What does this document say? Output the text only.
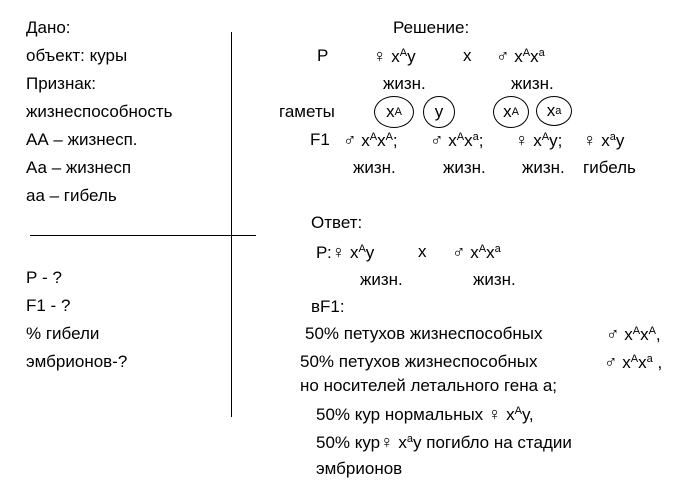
Дано:
объект: куры
Признак:
жизнеспособность
АА – жизнесп.
Аа – жизнесп
аа – гибель
Р - ?
F1 - ?
% гибели
эмбрионов-?
Решение:
Р ♀ $х^Ау$	х ♂ $х^Ах^а$
жизн.	жизн.
гаметы	х А у	х А х а
F1 ♂ $х^Ах^А$; ♂ $х^Ах^а$; ♀ $х^Ау$; ♀ $х^ау$
жизн.	жизн. жизн. гибель
Ответ:
Р:♀ $х^Ау$	х ♂ $х^Ах^а$
жизн.	жизн.
вF1:
50% петухов жизнеспособных	♂ $х^Ах^А$,
50% петухов жизнеспособных	♂ $х^Ах^а$ ,
но носителей летального гена а;
50% кур нормальных ♀ $х^Ау$,
50% кур♀ $х^ау$ погибло на стадии
эмбрионов
